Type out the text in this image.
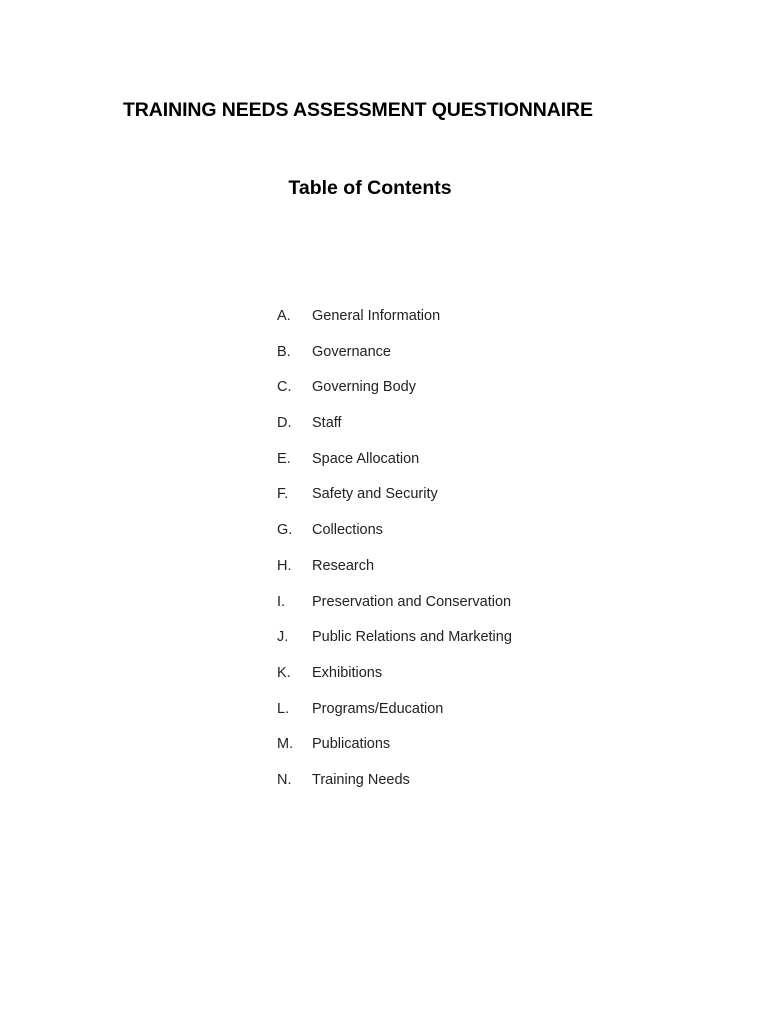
TRAINING NEEDS ASSESSMENT QUESTIONNAIRE
Table of Contents
A.	General Information
B.	Governance
C.	Governing Body
D.	Staff
E.	Space Allocation
F.	Safety and Security
G.	Collections
H.	Research
I.	Preservation and Conservation
J.	Public Relations and Marketing
K.	Exhibitions
L.	Programs/Education
M.	Publications
N.	Training Needs
